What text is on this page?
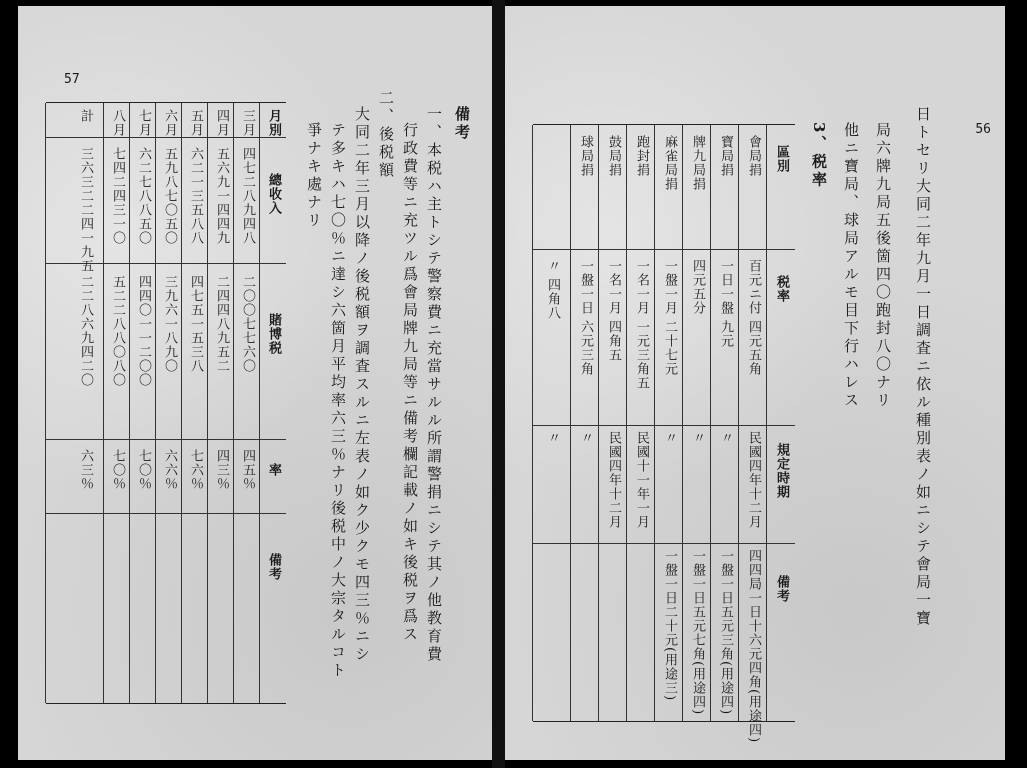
57
月別
總收入
賭博税
率
備考
三月
四七二八九四八
二〇〇七七六〇
四五％
四月
五六九一四四九
二四四八九五二
四三％
五月
六二一三五八八
四七五一五三八
七六％
六月
五九八七〇五〇
三九六一八九〇
六六％
七月
六二七八八五〇
四四〇一一二〇〇
七〇％
八月
七四二四三一〇
五二二八八〇八〇
七〇％
計
三六三二二四一九五
二二八六九四二〇
六三％
備考
一、本税ハ主トシテ警察費ニ充當サルル所謂警捐ニシテ其ノ他教育費
行政費等ニ充ツル爲會局牌九局等ニ備考欄記載ノ如キ後税ヲ爲ス
二、後税額
大同二年三月以降ノ後税額ヲ調査スルニ左表ノ如ク少クモ四三％ニシ
テ多キハ七〇％ニ達シ六箇月平均率六三％ナリ後税中ノ大宗タルコト
爭ナキ處ナリ	56
日トセリ大同二年九月一日調査ニ依ル種別表ノ如ニシテ會局一寶
局六牌九局五後箇四〇跑封八〇ナリ
他ニ寶局、球局アルモ目下行ハレス
3、税率
區別
税率
規定時期
備考
會局捐
百元ニ付 四元五角
民國四年十二月
四四局一日十六元四角(用途四)
寶局捐
一日一盤 九元
〃
一盤一日五元三角(用途四)
牌九局捐
四元五分
〃
一盤一日五元七角(用途四)
麻雀局捐
一盤一月 二十七元
〃
一盤一日二十元(用途三)
跑封捐
一名一月 一元三角五
民國十一年一月
鼓局捐
一名一月 四角五
民國四年十二月
球局捐
一盤一日 六元三角
〃
〃 四角八
〃
